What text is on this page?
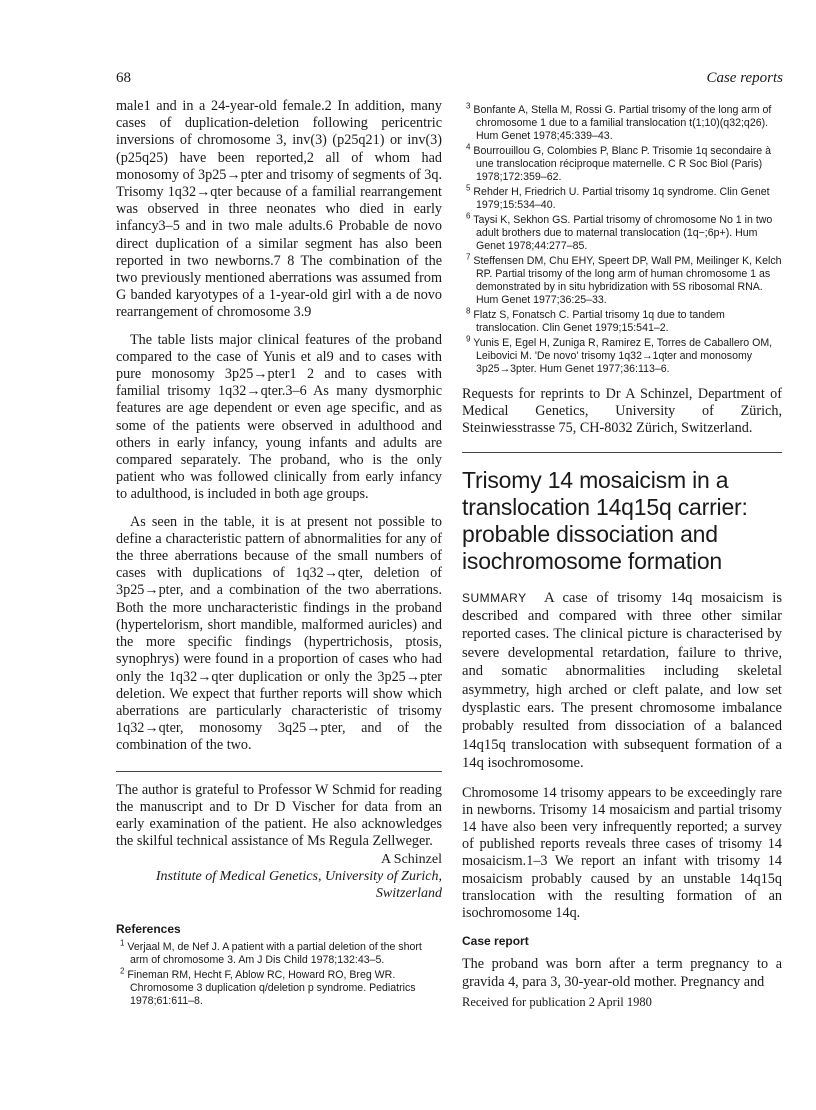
68	Case reports

male1 and in a 24-year-old female.2 In addition, many cases of duplication-deletion following pericentric inversions of chromosome 3, inv(3) (p25q21) or inv(3)(p25q25) have been reported,2 all of whom had monosomy of 3p25→pter and trisomy of segments of 3q. Trisomy 1q32→qter because of a familial rearrangement was observed in three neonates who died in early infancy3–5 and in two male adults.6 Probable de novo direct duplication of a similar segment has also been reported in two newborns.7 8 The combination of the two previously mentioned aberrations was assumed from G banded karyotypes of a 1-year-old girl with a de novo rearrangement of chromosome 3.9

The table lists major clinical features of the proband compared to the case of Yunis et al9 and to cases with pure monosomy 3p25→pter1 2 and to cases with familial trisomy 1q32→qter.3–6 As many dysmorphic features are age dependent or even age specific, and as some of the patients were observed in adulthood and others in early infancy, young infants and adults are compared separately. The proband, who is the only patient who was followed clinically from early infancy to adulthood, is included in both age groups.

As seen in the table, it is at present not possible to define a characteristic pattern of abnormalities for any of the three aberrations because of the small numbers of cases with duplications of 1q32→qter, deletion of 3p25→pter, and a combination of the two aberrations. Both the more uncharacteristic findings in the proband (hypertelorism, short mandible, malformed auricles) and the more specific findings (hypertrichosis, ptosis, synophrys) were found in a proportion of cases who had only the 1q32→qter duplication or only the 3p25→pter deletion. We expect that further reports will show which aberrations are particularly characteristic of trisomy 1q32→qter, monosomy 3q25→pter, and of the combination of the two.

The author is grateful to Professor W Schmid for reading the manuscript and to Dr D Vischer for data from an early examination of the patient. He also acknowledges the skilful technical assistance of Ms Regula Zellweger.

A Schinzel
Institute of Medical Genetics, University of Zurich, Switzerland
References
$^1$ Verjaal M, de Nef J. A patient with a partial deletion of the short arm of chromosome 3. Am J Dis Child 1978;132:43–5.
$^2$ Fineman RM, Hecht F, Ablow RC, Howard RO, Breg WR. Chromosome 3 duplication q/deletion p syndrome. Pediatrics 1978;61:611–8.
$^3$ Bonfante A, Stella M, Rossi G. Partial trisomy of the long arm of chromosome 1 due to a familial translocation t(1;10)(q32;q26). Hum Genet 1978;45:339–43.
$^4$ Bourrouillou G, Colombies P, Blanc P. Trisomie 1q secondaire à une translocation réciproque maternelle. C R Soc Biol (Paris) 1978;172:359–62.
$^5$ Rehder H, Friedrich U. Partial trisomy 1q syndrome. Clin Genet 1979;15:534–40.
$^6$ Taysi K, Sekhon GS. Partial trisomy of chromosome No 1 in two adult brothers due to maternal translocation (1q−;6p+). Hum Genet 1978;44:277–85.
$^7$ Steffensen DM, Chu EHY, Speert DP, Wall PM, Meilinger K, Kelch RP. Partial trisomy of the long arm of human chromosome 1 as demonstrated by in situ hybridization with 5S ribosomal RNA. Hum Genet 1977;36:25–33.
$^8$ Flatz S, Fonatsch C. Partial trisomy 1q due to tandem translocation. Clin Genet 1979;15:541–2.
$^9$ Yunis E, Egel H, Zuniga R, Ramirez E, Torres de Caballero OM, Leibovici M. 'De novo' trisomy 1q32→1qter and monosomy 3p25→3pter. Hum Genet 1977;36:113–6.

Requests for reprints to Dr A Schinzel, Department of Medical Genetics, University of Zürich, Steinwiesstrasse 75, CH-8032 Zürich, Switzerland.

Trisomy 14 mosaicism in a translocation 14q15q carrier: probable dissociation and isochromosome formation

SUMMARY A case of trisomy 14q mosaicism is described and compared with three other similar reported cases. The clinical picture is characterised by severe developmental retardation, failure to thrive, and somatic abnormalities including skeletal asymmetry, high arched or cleft palate, and low set dysplastic ears. The present chromosome imbalance probably resulted from dissociation of a balanced 14q15q translocation with subsequent formation of a 14q isochromosome.

Chromosome 14 trisomy appears to be exceedingly rare in newborns. Trisomy 14 mosaicism and partial trisomy 14 have also been very infrequently reported; a survey of published reports reveals three cases of trisomy 14 mosaicism.1–3 We report an infant with trisomy 14 mosaicism probably caused by an unstable 14q15q translocation with the resulting formation of an isochromosome 14q.

Case report

The proband was born after a term pregnancy to a gravida 4, para 3, 30-year-old mother. Pregnancy and

Received for publication 2 April 1980
